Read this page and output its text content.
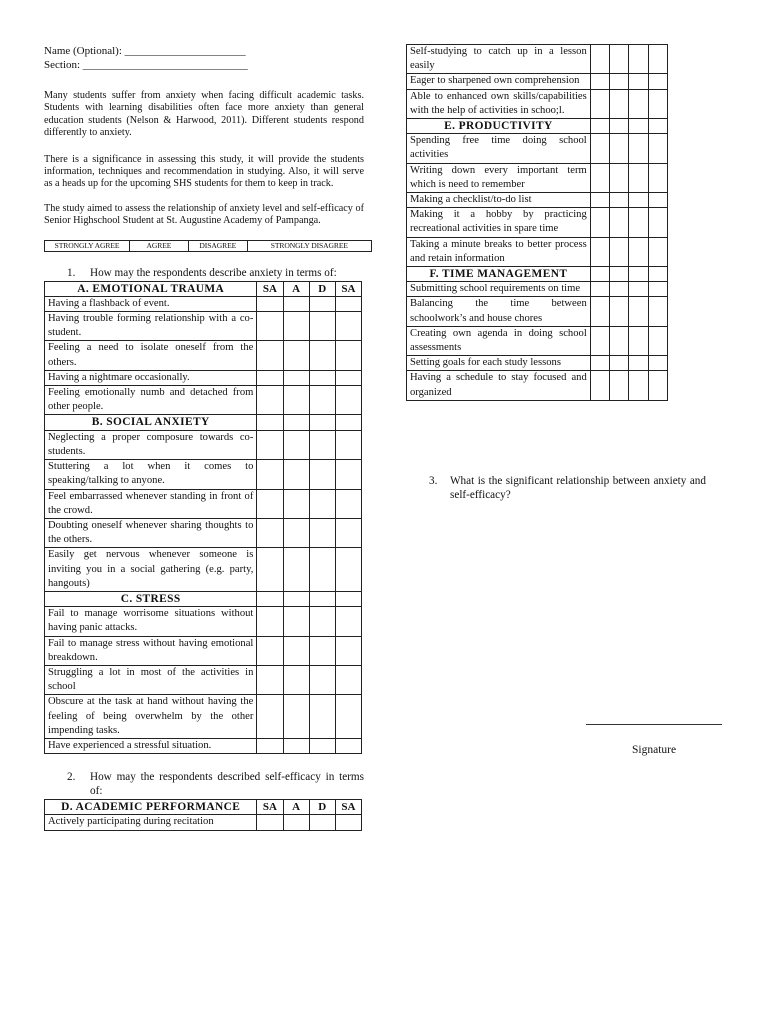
Name (Optional): ______________________
Section: ______________________________

Many students suffer from anxiety when facing difficult academic tasks. Students with learning disabilities often face more anxiety than general education students (Nelson & Harwood, 2011). Different students respond differently to anxiety.

There is a significance in assessing this study, it will provide the students information, techniques and recommendation in studying. Also, it will serve as a heads up for the upcoming SHS students for them to keep in track.

The study aimed to assess the relationship of anxiety level and self-efficacy of Senior Highschool Student at St. Augustine Academy of Pampanga.

STRONGLY AGREE	AGREE	DISAGREE	STRONGLY DISAGREE
1. How may the respondents describe anxiety in terms of:
A. EMOTIONAL TRAUMA	SA	A	D	SA
Having a flashback of event.				
Having trouble forming relationship with a co-student.				
Feeling a need to isolate oneself from the others.				
Having a nightmare occasionally.				
Feeling emotionally numb and detached from other people.				
B. SOCIAL ANXIETY				
Neglecting a proper composure towards co-students.				
Stuttering a lot when it comes to speaking/talking to anyone.				
Feel embarrassed whenever standing in front of the crowd.				
Doubting oneself whenever sharing thoughts to the others.				
Easily get nervous whenever someone is inviting you in a social gathering (e.g. party, hangouts)				
C. STRESS				
Fail to manage worrisome situations without having panic attacks.				
Fail to manage stress without having emotional breakdown.				
Struggling a lot in most of the activities in school				
Obscure at the task at hand without having the feeling of being overwhelm by the other impending tasks.				
Have experienced a stressful situation.				
2. How may the respondents described self-efficacy in terms of:
D. ACADEMIC PERFORMANCE	SA	A	D	SA
Actively participating during recitation				
Self-studying to catch up in a lesson easily				
Eager to sharpened own comprehension				
Able to enhanced own skills/capabilities with the help of activities in schoo;l.				
E. PRODUCTIVITY				
Spending free time doing school activities				
Writing down every important term which is need to remember				
Making a checklist/to-do list				
Making it a hobby by practicing recreational activities in spare time				
Taking a minute breaks to better process and retain information				
F. TIME MANAGEMENT				
Submitting school requirements on time				
Balancing the time between schoolwork’s and house chores				
Creating own agenda in doing school assessments				
Setting goals for each study lessons				
Having a schedule to stay focused and organized				
3. What is the significant relationship between anxiety and self-efficacy?
Signature
